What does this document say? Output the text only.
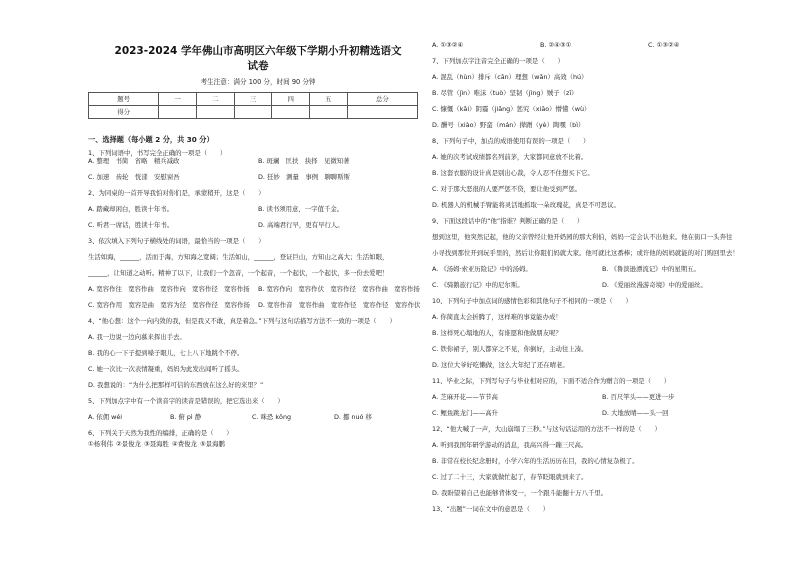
2023-2024 学年佛山市高明区六年级下学期小升初精选语文
试卷
考生注意：满分 100 分，时间 90 分钟
题号	一	二	三	四	五	总分
得分						
一、选择题（每小题 2 分，共 30 分）
1、下列词语中，书写完全正确的一项是（　　）
A. 整理　书简　省略　精兵减政	B. 斑斓　匡扶　抉择　见微知著
C. 加速　齿轮　恍漾　安慰窗吾	D. 狂妙　测量　事例　聊聊斯斯
2、为同桌的一首开导我怕对你们是，承蒙稍开，这是（　　）
A. 踏藏却闲白，胜读十年书。	B. 读书须用意，一字值千金。
C. 听君一席话，胜读十年书。	D. 高端君行早，更有早行人。
3、依次填入下列句子横线处的词语，最恰当的一项是（　　）
生活如海，______，活而于海，方知海之宽阔；生活如山，______，登证巨山，方知山之高大；生活如眼，
______，让知道之动听。精神了以下，让我们一个忽音，一个起音，一个起伏，一个起伏，多一份去爱吧！
A. 宽容作往　宽容作曲　宽容作向　宽容作径　宽容作扬	B. 宽容作向　宽容作伏　宽容作径　宽容作曲　宽容作扬
C. 宽容作用　宽容是曲　宽容为径　宽容作径　宽容作扬	D. 宽容作音　宽容作曲　宽容作径　宽容作径　宽容作伏
4、“他心想：这个一向内敛的我，但是我又不敢，真是着急。”下列与这句话描写方法不一致的一项是（　　）
A. 我一边说一边向慕来挥出手去。
B. 我的心一下子提到嗓子眼儿，七上八下地跳个不停。
C. 她一次比一次表情凝重，妈妈为此发出闻听了摇头。
D. 我想说的：“为什么把那样可信的东西放在这么好的来里？”
5、下列加点字中有一个读音字的读音是错误的，把它选出来（　　）
A. 依佣 wéi	B. 俯 pì 静	C. 咪恐 kǒng	D. 挪 nuó 移
6、下列关于天然为我性的编排，正确的是（　　）
①杨利伟 ②景俊龙 ③聂海胜 ④费俊龙 ⑤景海鹏
A. ①③②④	B. ②④③①	C. ①③②④
7、下列加点字注音完全正确的一项是（　　）
A. 混乱（hùn）排斥（cān）理想（wǎn）高效（hú）
B. 尽管（jìn）唯沫（tuò）坚韧（jìng）贼子（zī）
C. 慷慨（kǎi）阴霾（jiāng）惩究（xiāo）懵懂（wù）
D. 酬号（xiào）野蛮（mán）撵蹭（yè）陶嘿（bì）
8、下列句子中，加点的成语使用有误的一项是（　　）
A. 她的次考试成绩都名列前茅，大家都同意放不比着。
B. 这套衣服的设计真是别出心裁，令人忍不住想买下它。
C. 对于那大恶很的人要严惩不贷，要让他受到严惩。
D. 机器人的机械手臂能将灵活地抓取一朵玫瑰花，真是不可思议。
9、下面这段话中的“他”指谁？判断正确的是（　　）
想到这里，他突然记起，他的父亲曾经让他开奶园的那大利伯，妈妈一定会认不出他来。他在街口一头奔往
小寻找到那位开到玩乎里的，然后让你阻们妈就大家。他可就比这番棒；或许他的妈妈就能的对门购回里去！
A. 《汤姆·索亚历险记》中的汤姆。	B. 《鲁滨逊漂流记》中的星期五。
C. 《骑鹅旅行记》中的尼尔斯。	D. 《爱丽丝漫游奇境》中的爱丽丝。
10、下列句子中加点词的感情色彩和其他句子不相同的一项是（　　）
A. 你简直太会折腾了，这样难的事竟能办成！
B. 这样死心塌地的人，有谁愿和他做朋友呢？
C. 铁你裙子，别人都穿之不见，你倒好，主动往上凑。
D. 这位大爷好吃懒做，这么大年纪了还在晴老。
11、毕业之际，下列写句子与毕业相对应的，下面不适合作为赠言的一项是（　　）
A. 芝麻开花——节节高	B. 百尺竿头——更进一步
C. 鲤鱼跳龙门——高升	D. 大地放晴——头一回
12、“他大喊了一声，大山崩塌了三秒。”与这句话运用的方法不一样的是（　　）
A. 听到我国年研学游动的消息，我高兴得一蹦三尺高。
B. 非常在校长纪念册时，小学六年的生活历历在目，我的心情复杂极了。
C. 过了二十三，大家就做忙起了，春节眨眼就到来了。
D. 我盼望着自己也能够背体变一，一个跟斗能翻十万八千里。
13、“出题”一词在文中的意思是（　　）
